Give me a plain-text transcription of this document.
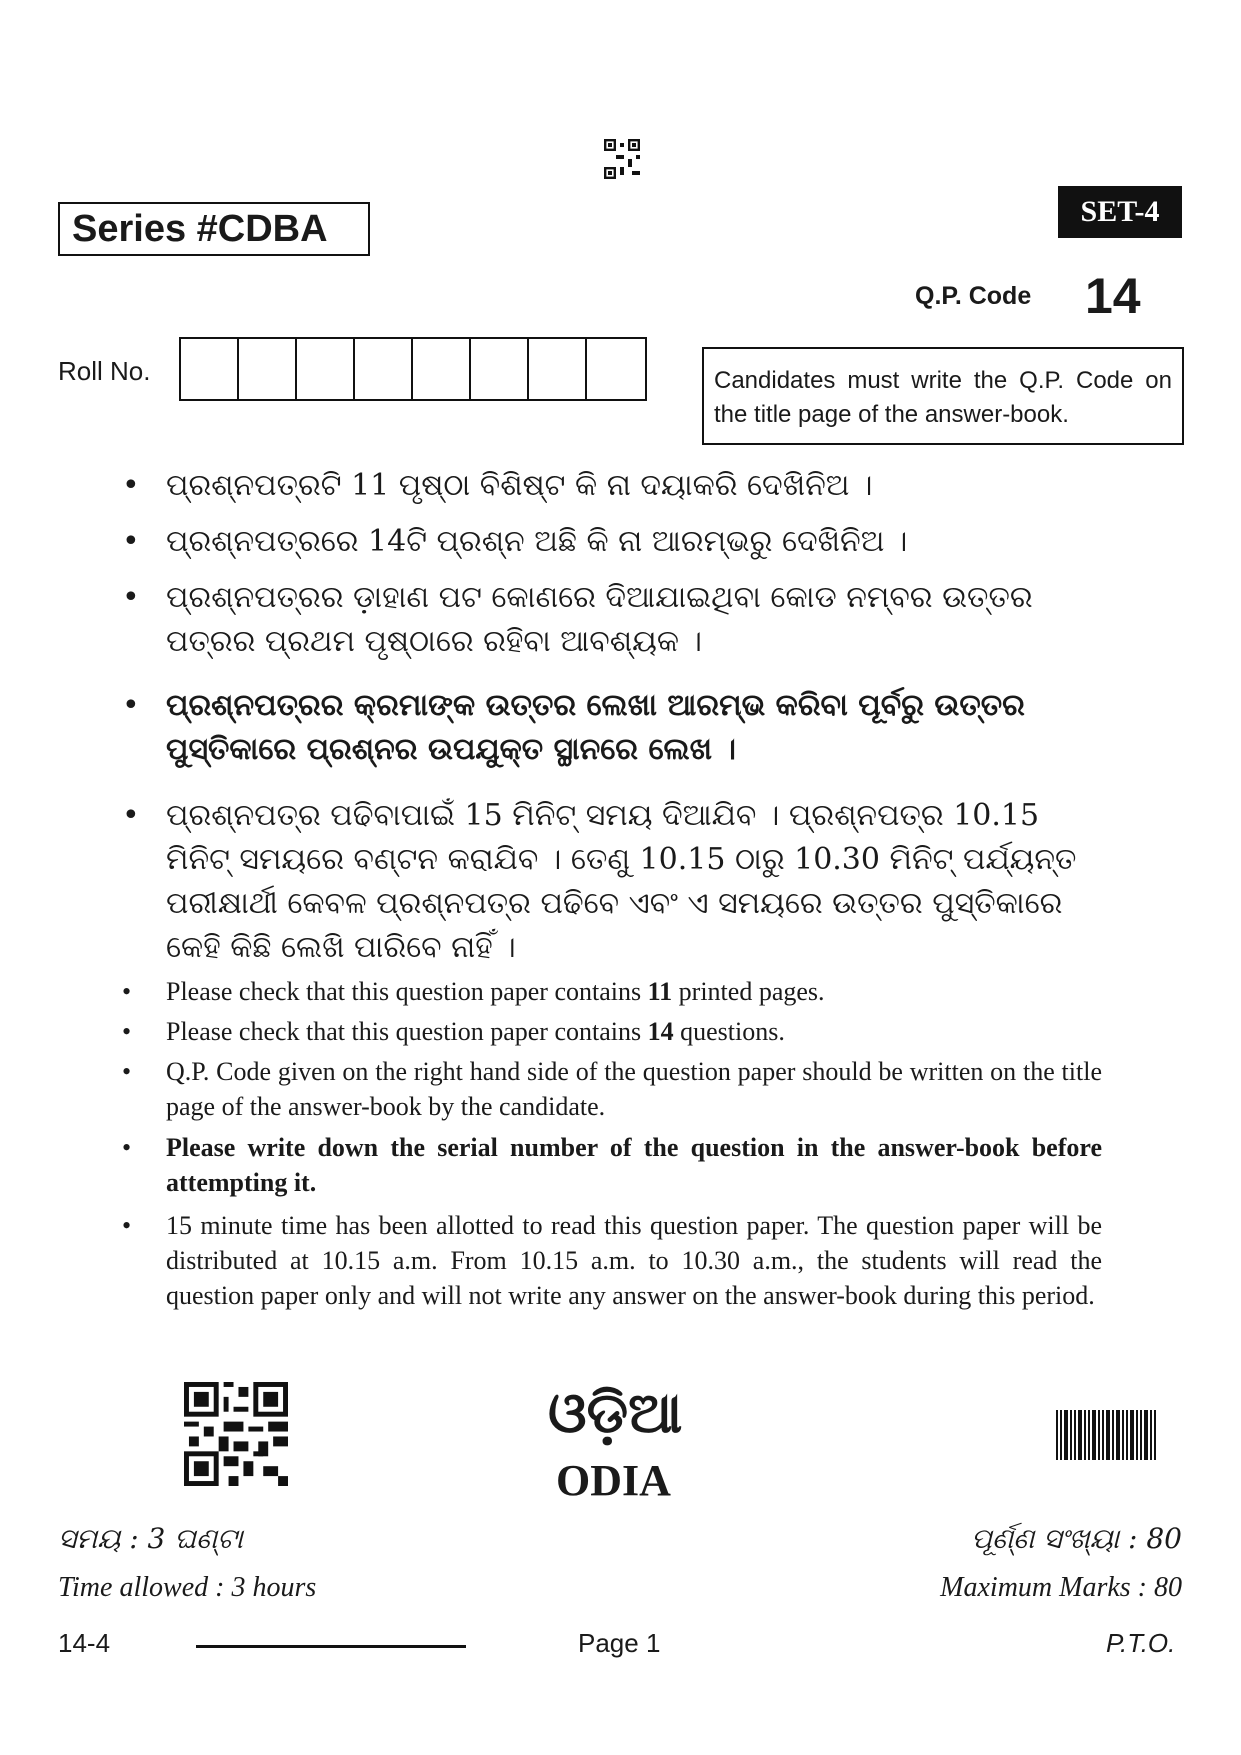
Series #CDBA	SET-4
Q.P. Code 14
Roll No.	Candidates must write the Q.P. Code on the title page of the answer-book.
• ପ୍ରଶ୍ନପତ୍ରଟି 11 ପୃଷ୍ଠା ବିଶିଷ୍ଟ କି ନା ଦୟାକରି ଦେଖିନିଅ ।
• ପ୍ରଶ୍ନପତ୍ରରେ 14ଟି ପ୍ରଶ୍ନ ଅଛି କି ନା ଆରମ୍ଭରୁ ଦେଖିନିଅ ।
• ପ୍ରଶ୍ନପତ୍ରର ଡ଼ାହାଣ ପଟ କୋଣରେ ଦିଆଯାଇଥିବା କୋଡ ନମ୍ବର ଉତ୍ତର ପତ୍ରର ପ୍ରଥମ ପୃଷ୍ଠାରେ ରହିବା ଆବଶ୍ୟକ ।
• ପ୍ରଶ୍ନପତ୍ରର କ୍ରମାଙ୍କ ଉତ୍ତର ଲେଖା ଆରମ୍ଭ କରିବା ପୂର୍ବରୁ ଉତ୍ତର ପୁସ୍ତିକାରେ ପ୍ରଶ୍ନର ଉପଯୁକ୍ତ ସ୍ଥାନରେ ଲେଖ ।
• ପ୍ରଶ୍ନପତ୍ର ପଢିବାପାଇଁ 15 ମିନିଟ୍ ସମୟ ଦିଆଯିବ । ପ୍ରଶ୍ନପତ୍ର 10.15 ମିନିଟ୍ ସମୟରେ ବଣ୍ଟନ କରାଯିବ । ତେଣୁ 10.15 ଠାରୁ 10.30 ମିନିଟ୍ ପର୍ଯ୍ୟନ୍ତ ପରୀକ୍ଷାର୍ଥୀ କେବଳ ପ୍ରଶ୍ନପତ୍ର ପଢିବେ ଏବଂ ଏ ସମୟରେ ଉତ୍ତର ପୁସ୍ତିକାରେ କେହି କିଛି ଲେଖି ପାରିବେ ନାହିଁ ।
•	Please check that this question paper contains 11 printed pages.
•	Please check that this question paper contains 14 questions.
•	Q.P. Code given on the right hand side of the question paper should be written on the title page of the answer-book by the candidate.
•	Please write down the serial number of the question in the answer-book before attempting it.
•	15 minute time has been allotted to read this question paper. The question paper will be distributed at 10.15 a.m. From 10.15 a.m. to 10.30 a.m., the students will read the question paper only and will not write any answer on the answer-book during this period.
ଓଡ଼ିଆ
ODIA
ସମୟ : 3 ଘଣ୍ଟା
Time allowed : 3 hours
ପୂର୍ଣ୍ଣ ସଂଖ୍ୟା : 80
Maximum Marks : 80
14-4	Page 1	P.T.O.
